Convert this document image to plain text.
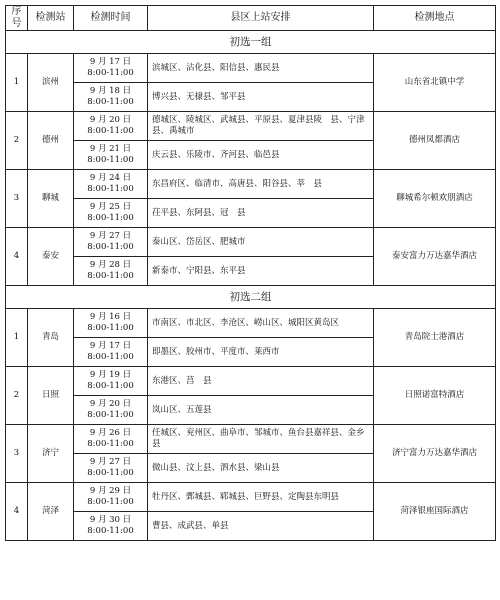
序号	检测站	检测时间	县区上站安排	检测地点
初选一组				
1	滨州	9 月 17 日
8:00-11:00	滨城区、沾化县、阳信县、惠民县	山东省北镇中学

		9 月 18 日
8:00-11:00	博兴县、无棣县、邹平县	
2	德州	9 月 20 日
8:00-11:00	德城区、陵城区、武城县、平原县、夏津县陵　县、宁津县、禹城市	德州凤都酒店

		9 月 21 日
8:00-11:00	庆云县、乐陵市、齐河县、临邑县	
3	聊城	9 月 24 日
8:00-11:00	东昌府区、临清市、高唐县、阳谷县、莘　县	聊城希尔顿欢朋酒店

		9 月 25 日
8:00-11:00	茌平县、东阿县、冠　县	
4	泰安	9 月 27 日
8:00-11:00	泰山区、岱岳区、肥城市	泰安富力万达嘉华酒店

		9 月 28 日
8:00-11:00	新泰市、宁阳县、东平县	
初选二组				
1	青岛	9 月 16 日
8:00-11:00	市南区、市北区、李沧区、崂山区、城阳区黄岛区	青岛院士港酒店

		9 月 17 日
8:00-11:00	即墨区、胶州市、平度市、莱西市	
2	日照	9 月 19 日
8:00-11:00	东港区、莒　县	日照诺富特酒店

		9 月 20 日
8:00-11:00	岚山区、五莲县	
3	济宁	9 月 26 日
8:00-11:00	任城区、兖州区、曲阜市、邹城市、鱼台县嘉祥县、金乡县	济宁富力万达嘉华酒店

		9 月 27 日
8:00-11:00	微山县、汶上县、泗水县、梁山县	
4	菏泽	9 月 29 日
8:00-11:00	牡丹区、鄄城县、郓城县、巨野县、定陶县东明县	菏泽银座国际酒店

		9 月 30 日
8:00-11:00	曹县、成武县、单县	
